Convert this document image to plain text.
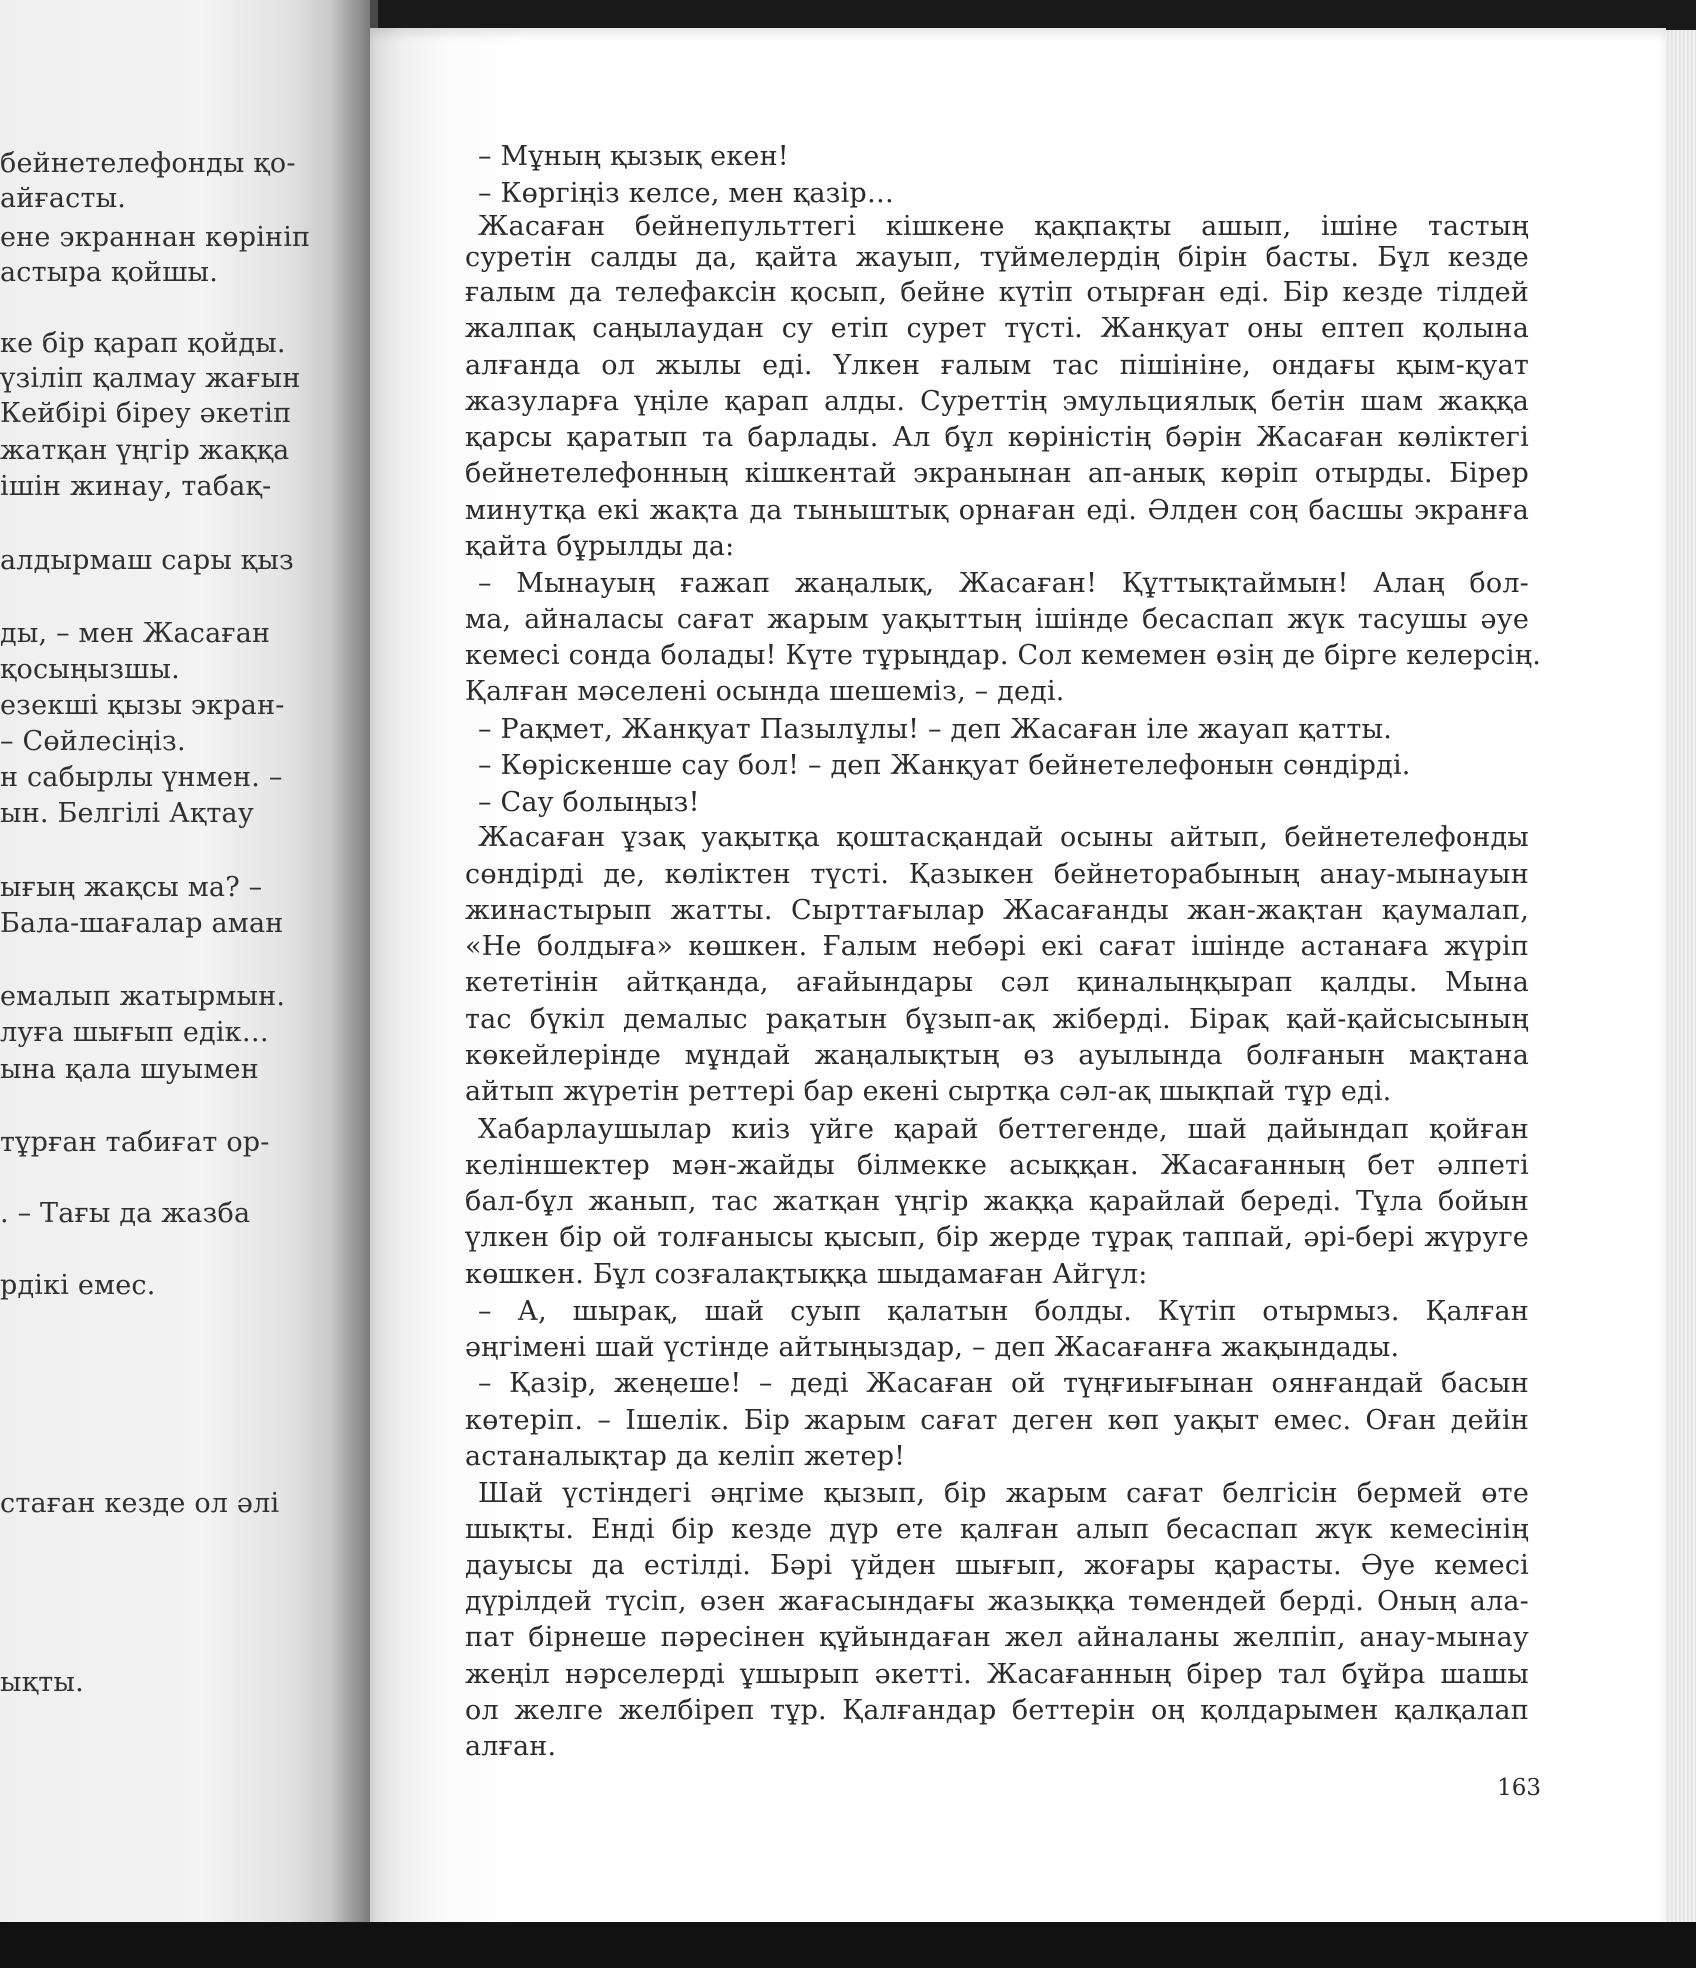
бейнетелефонды қо-
айғасты.
ене экраннан көрініп
астыра қойшы.
ке бір қарап қойды.
үзіліп қалмау жағын
Кейбірі біреу әкетіп
жатқан үңгір жаққа
ішін жинау, табақ-
алдырмаш сары қыз
ды, – мен Жасаған
қосыңызшы.
езекші қызы экран-
– Сөйлесіңіз.
н сабырлы үнмен. –
ын. Белгілі Ақтау
ығың жақсы ма? –
Бала-шағалар аман
емалып жатырмын.
луға шығып едік…
ына қала шуымен
тұрған табиғат ор-
. – Тағы да жазба
рдікі емес.
стаған кезде ол әлі
ықты.
– Мұның қызық екен!
– Көргіңіз келсе, мен қазір…
Жасаған бейнепульттегі кішкене қақпақты ашып, ішіне тастың
суретін салды да, қайта жауып, түймелердің бірін басты. Бұл кезде
ғалым да телефаксін қосып, бейне күтіп отырған еді. Бір кезде тілдей
жалпақ саңылаудан су етіп сурет түсті. Жанқуат оны ептеп қолына
алғанда ол жылы еді. Үлкен ғалым тас пішініне, ондағы қым-қуат
жазуларға үңіле қарап алды. Суреттің эмульциялық бетін шам жаққа
қарсы қаратып та барлады. Ал бұл көріністің бәрін Жасаған көліктегі
бейнетелефонның кішкентай экранынан ап-анық көріп отырды. Бірер
минутқа екі жақта да тыныштық орнаған еді. Әлден соң басшы экранға
қайта бұрылды да:
– Мынауың ғажап жаңалық, Жасаған! Құттықтаймын! Алаң бол-
ма, айналасы сағат жарым уақыттың ішінде бесаспап жүк тасушы әуе
кемесі сонда болады! Күте тұрыңдар. Сол кемемен өзің де бірге келерсің.
Қалған мәселені осында шешеміз, – деді.
– Рақмет, Жанқуат Пазылұлы! – деп Жасаған іле жауап қатты.
– Көріскенше сау бол! – деп Жанқуат бейнетелефонын сөндірді.
– Сау болыңыз!
Жасаған ұзақ уақытқа қоштасқандай осыны айтып, бейнетелефонды
сөндірді де, көліктен түсті. Қазыкен бейнеторабының анау-мынауын
жинастырып жатты. Сырттағылар Жасағанды жан-жақтан қаумалап,
«Не болдыға» көшкен. Ғалым небәрі екі сағат ішінде астанаға жүріп
кететінін айтқанда, ағайындары сәл қиналыңқырап қалды. Мына
тас бүкіл демалыс рақатын бұзып-ақ жіберді. Бірақ қай-қайсысының
көкейлерінде мұндай жаңалықтың өз ауылында болғанын мақтана
айтып жүретін реттері бар екені сыртқа сәл-ақ шықпай тұр еді.
Хабарлаушылар киіз үйге қарай беттегенде, шай дайындап қойған
келіншектер мән-жайды білмекке асыққан. Жасағанның бет әлпеті
бал-бұл жанып, тас жатқан үңгір жаққа қарайлай береді. Тұла бойын
үлкен бір ой толғанысы қысып, бір жерде тұрақ таппай, әрі-бері жүруге
көшкен. Бұл созғалақтыққа шыдамаған Айгүл:
– А, шырақ, шай суып қалатын болды. Күтіп отырмыз. Қалған
әңгімені шай үстінде айтыңыздар, – деп Жасағанға жақындады.
– Қазір, жеңеше! – деді Жасаған ой түңғиығынан оянғандай басын
көтеріп. – Ішелік. Бір жарым сағат деген көп уақыт емес. Оған дейін
астаналықтар да келіп жетер!
Шай үстіндегі әңгіме қызып, бір жарым сағат белгісін бермей өте
шықты. Енді бір кезде дүр ете қалған алып бесаспап жүк кемесінің
дауысы да естілді. Бәрі үйден шығып, жоғары қарасты. Әуе кемесі
дүрілдей түсіп, өзен жағасындағы жазыққа төмендей берді. Оның ала-
пат бірнеше пәресінен құйындаған жел айналаны желпіп, анау-мынау
жеңіл нәрселерді ұшырып әкетті. Жасағанның бірер тал бұйра шашы
ол желге желбіреп тұр. Қалғандар беттерін оң қолдарымен қалқалап
алған.
163
